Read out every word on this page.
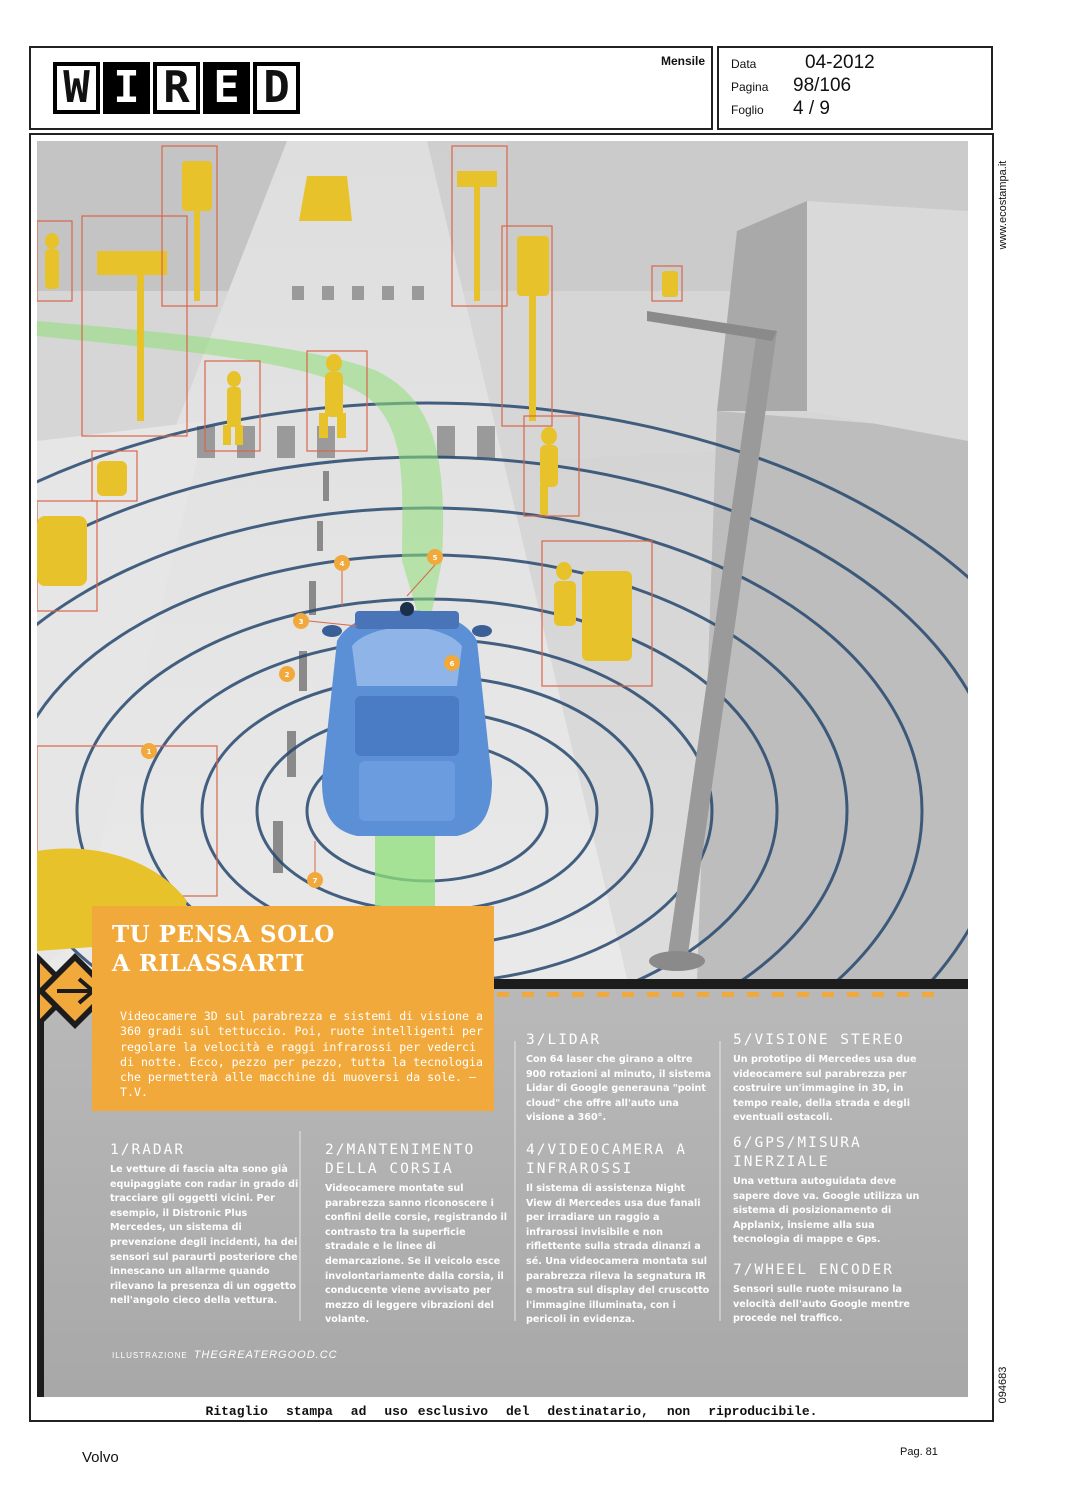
W I R E D
Mensile Data	04-2012
Pagina	98/106
Foglio	4 / 9
www.ecostampa.it
094683
1
2
3
4
5
6
7
TU PENSA SOLO
A RILASSARTI
Videocamere 3D sul parabrezza e sistemi di visione a 360 gradi sul tettuccio. Poi, ruote intelligenti per regolare la velocità e raggi infrarossi per vederci di notte. Ecco, pezzo per pezzo, tutta la tecnologia che permetterà alle macchine di muoversi da sole. — T.V.
1/RADAR

Le vetture di fascia alta sono già equipaggiate con radar in grado di tracciare gli oggetti vicini. Per esempio, il Distronic Plus Mercedes, un sistema di prevenzione degli incidenti, ha dei sensori sul paraurti posteriore che innescano un allarme quando rilevano la presenza di un oggetto nell'angolo cieco della vettura.

2/MANTENIMENTO DELLA CORSIA

Videocamere montate sul parabrezza sanno riconoscere i confini delle corsie, registrando il contrasto tra la superficie stradale e le linee di demarcazione. Se il veicolo esce involontariamente dalla corsia, il conducente viene avvisato per mezzo di leggere vibrazioni del volante.

3/LIDAR

Con 64 laser che girano a oltre 900 rotazioni al minuto, il sistema Lidar di Google generauna "point cloud" che offre all'auto una visione a 360°.

4/VIDEOCAMERA A INFRAROSSI

Il sistema di assistenza Night View di Mercedes usa due fanali per irradiare un raggio a infrarossi invisibile e non riflettente sulla strada dinanzi a sé. Una videocamera montata sul parabrezza rileva la segnatura IR e mostra sul display del cruscotto l'immagine illuminata, con i pericoli in evidenza.

5/VISIONE STEREO

Un prototipo di Mercedes usa due videocamere sul parabrezza per costruire un'immagine in 3D, in tempo reale, della strada e degli eventuali ostacoli.

6/GPS/MISURA INERZIALE

Una vettura autoguidata deve sapere dove va. Google utilizza un sistema di posizionamento di Applanix, insieme alla sua tecnologia di mappe e Gps.

7/WHEEL ENCODER

Sensori sulle ruote misurano la velocità dell'auto Google mentre procede nel traffico.

ILLUSTRAZIONE THEGREATERGOOD.CC
Ritaglio stampa ad uso esclusivo del destinatario, non riproducibile.
Volvo	Pag. 81
